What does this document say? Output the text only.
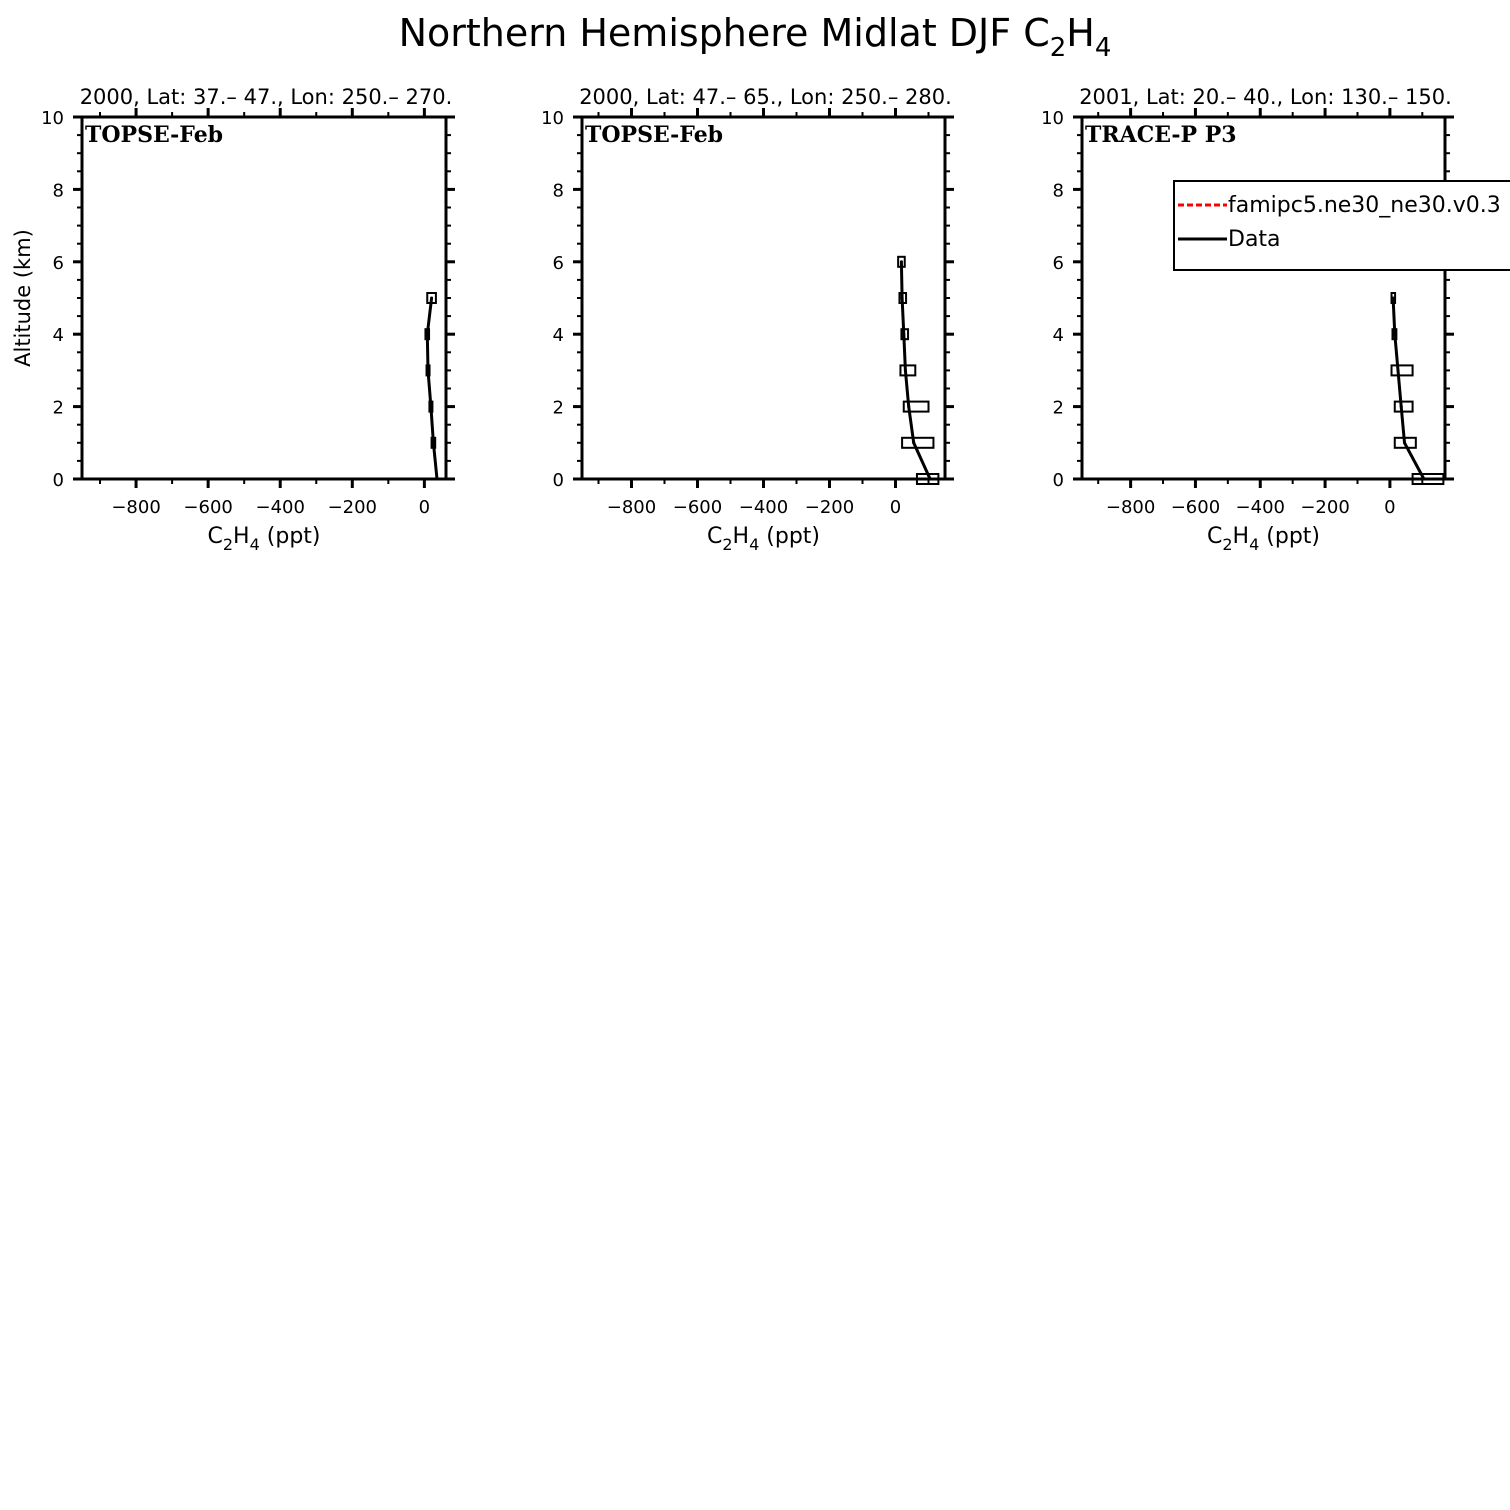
Northern Hemisphere Midlat DJF $C_2H_4$
2000, Lat: 37.– 47., Lon: 250.– 270.
TOPSE-Feb
0
2
4
6
8
10
−800 −600 −400 −200 0
$C_2H_4$ (ppt)
2000, Lat: 47.– 65., Lon: 250.– 280.
TOPSE-Feb
0
2
4
6
8
10
−800 −600 −400 −200 0
$C_2H_4$ (ppt)
2001, Lat: 20.– 40., Lon: 130.– 150.
TRACE-P P3
0
2
4
6
8
10
−800 −600 −400 −200 0
$C_2H_4$ (ppt)
Altitude (km)
famipc5.ne30_ne30.v0.3
Data
